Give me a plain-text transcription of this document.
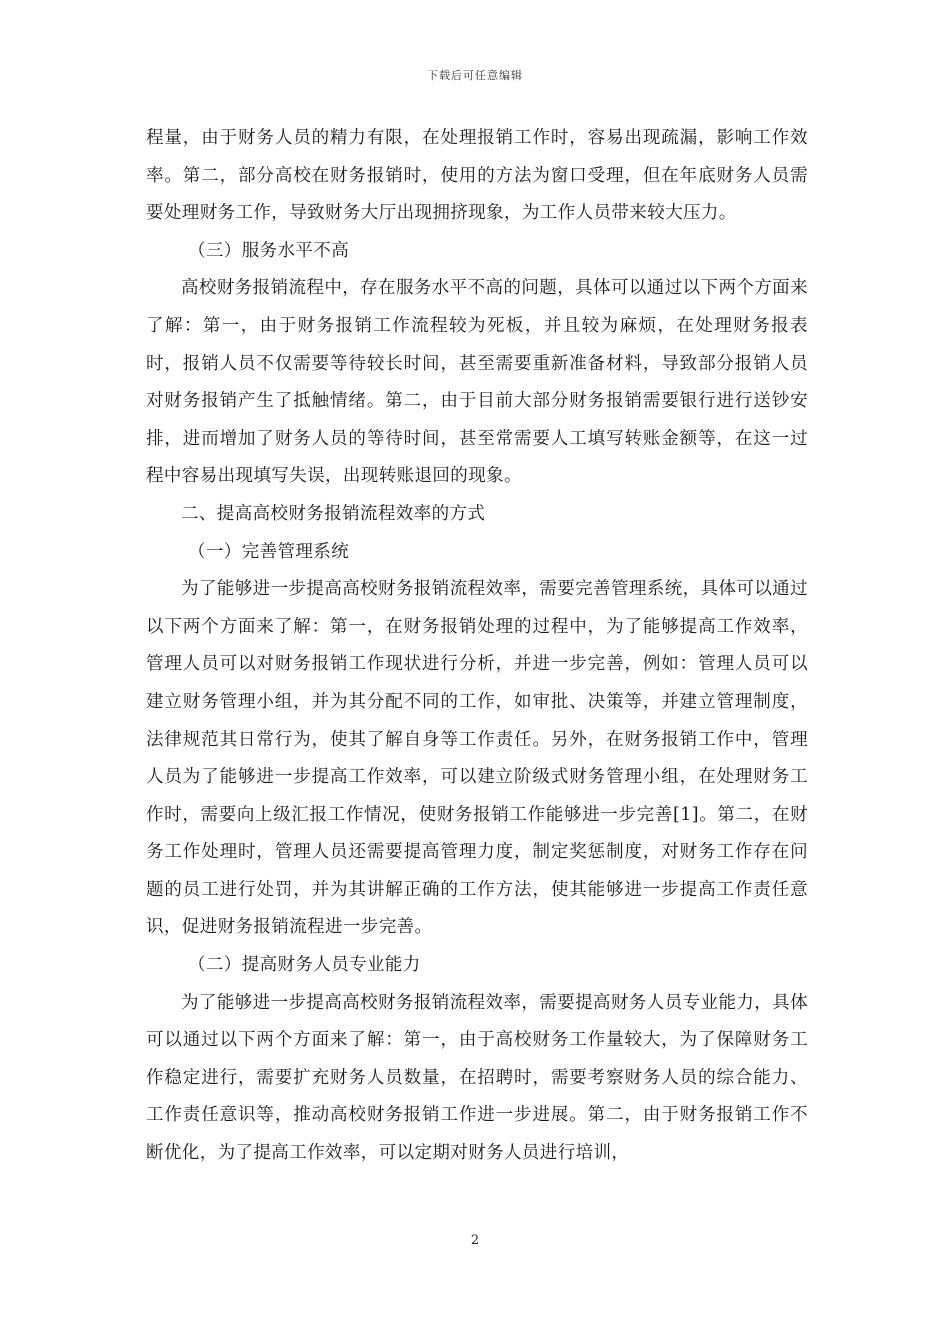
下载后可任意编辑

程量，由于财务人员的精力有限，在处理报销工作时，容易出现疏漏，影响工作效率。第二，部分高校在财务报销时，使用的方法为窗口受理，但在年底财务人员需要处理财务工作，导致财务大厅出现拥挤现象，为工作人员带来较大压力。

（三）服务水平不高

高校财务报销流程中，存在服务水平不高的问题，具体可以通过以下两个方面来了解：第一，由于财务报销工作流程较为死板，并且较为麻烦，在处理财务报表时，报销人员不仅需要等待较长时间，甚至需要重新准备材料，导致部分报销人员对财务报销产生了抵触情绪。第二，由于目前大部分财务报销需要银行进行送钞安排，进而增加了财务人员的等待时间，甚至常需要人工填写转账金额等，在这一过程中容易出现填写失误，出现转账退回的现象。

二、提高高校财务报销流程效率的方式

（一）完善管理系统

为了能够进一步提高高校财务报销流程效率，需要完善管理系统，具体可以通过以下两个方面来了解：第一，在财务报销处理的过程中，为了能够提高工作效率，管理人员可以对财务报销工作现状进行分析，并进一步完善，例如：管理人员可以建立财务管理小组，并为其分配不同的工作，如审批、决策等，并建立管理制度，法律规范其日常行为，使其了解自身等工作责任。另外，在财务报销工作中，管理人员为了能够进一步提高工作效率，可以建立阶级式财务管理小组，在处理财务工作时，需要向上级汇报工作情况，使财务报销工作能够进一步完善[1]。第二，在财务工作处理时，管理人员还需要提高管理力度，制定奖惩制度，对财务工作存在问题的员工进行处罚，并为其讲解正确的工作方法，使其能够进一步提高工作责任意识，促进财务报销流程进一步完善。

（二）提高财务人员专业能力

为了能够进一步提高高校财务报销流程效率，需要提高财务人员专业能力，具体可以通过以下两个方面来了解：第一，由于高校财务工作量较大，为了保障财务工作稳定进行，需要扩充财务人员数量，在招聘时，需要考察财务人员的综合能力、工作责任意识等，推动高校财务报销工作进一步进展。第二，由于财务报销工作不断优化，为了提高工作效率，可以定期对财务人员进行培训，

2
